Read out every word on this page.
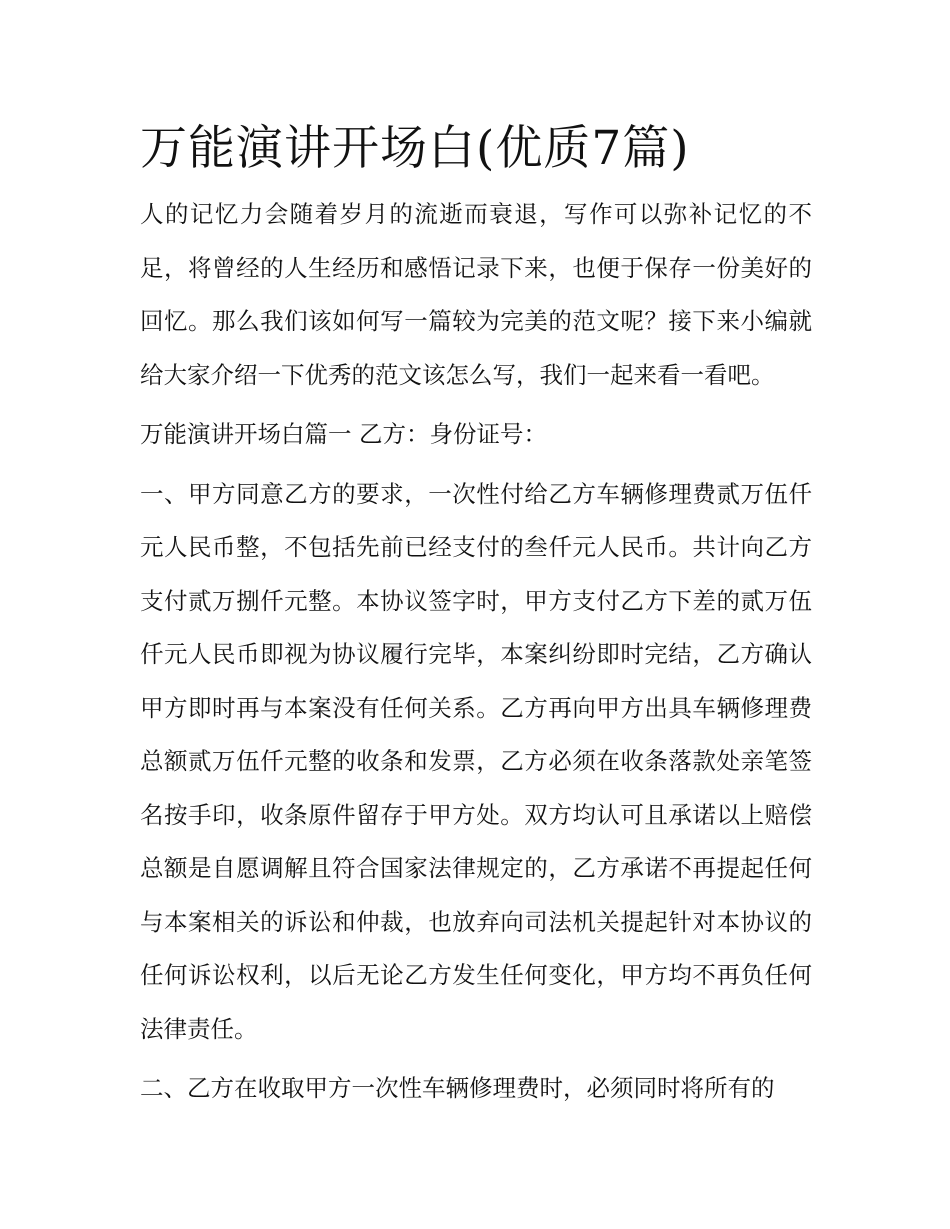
万能演讲开场白(优质7篇)

人的记忆力会随着岁月的流逝而衰退，写作可以弥补记忆的不足，将曾经的人生经历和感悟记录下来，也便于保存一份美好的回忆。那么我们该如何写一篇较为完美的范文呢？接下来小编就给大家介绍一下优秀的范文该怎么写，我们一起来看一看吧。

万能演讲开场白篇一 乙方：身份证号：

一、甲方同意乙方的要求，一次性付给乙方车辆修理费贰万伍仟元人民币整，不包括先前已经支付的叁仟元人民币。共计向乙方支付贰万捌仟元整。本协议签字时，甲方支付乙方下差的贰万伍仟元人民币即视为协议履行完毕，本案纠纷即时完结，乙方确认甲方即时再与本案没有任何关系。乙方再向甲方出具车辆修理费总额贰万伍仟元整的收条和发票，乙方必须在收条落款处亲笔签名按手印，收条原件留存于甲方处。双方均认可且承诺以上赔偿总额是自愿调解且符合国家法律规定的，乙方承诺不再提起任何与本案相关的诉讼和仲裁，也放弃向司法机关提起针对本协议的任何诉讼权利，以后无论乙方发生任何变化，甲方均不再负任何法律责任。

二、乙方在收取甲方一次性车辆修理费时，必须同时将所有的
